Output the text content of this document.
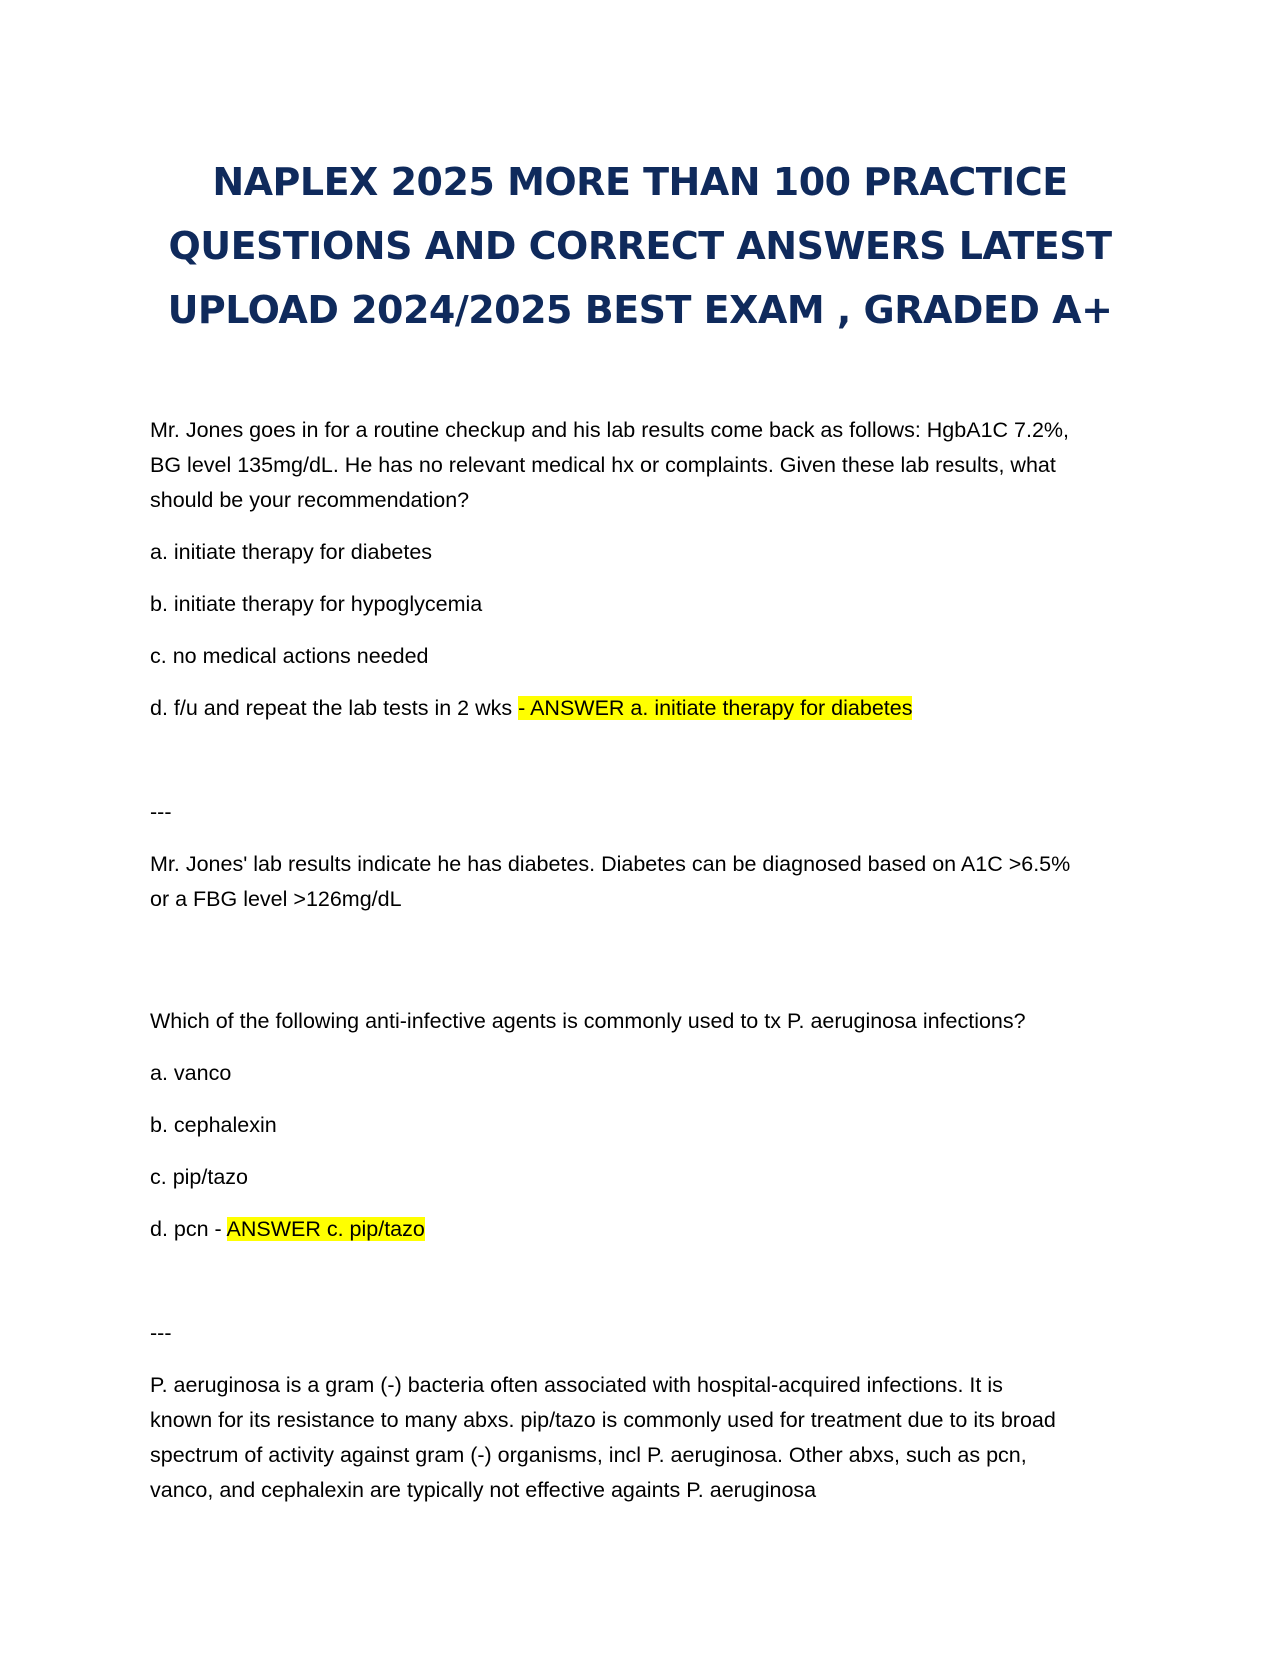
NAPLEX 2025 MORE THAN 100 PRACTICE
QUESTIONS AND CORRECT ANSWERS LATEST
UPLOAD 2024/2025 BEST EXAM , GRADED A+

Mr. Jones goes in for a routine checkup and his lab results come back as follows: HgbA1C 7.2%,
BG level 135mg/dL. He has no relevant medical hx or complaints. Given these lab results, what
should be your recommendation?

a. initiate therapy for diabetes

b. initiate therapy for hypoglycemia

c. no medical actions needed

d. f/u and repeat the lab tests in 2 wks - ANSWER a. initiate therapy for diabetes

---

Mr. Jones' lab results indicate he has diabetes. Diabetes can be diagnosed based on A1C >6.5%
or a FBG level >126mg/dL

Which of the following anti-infective agents is commonly used to tx P. aeruginosa infections?

a. vanco

b. cephalexin

c. pip/tazo

d. pcn - ANSWER c. pip/tazo

---

P. aeruginosa is a gram (-) bacteria often associated with hospital-acquired infections. It is
known for its resistance to many abxs. pip/tazo is commonly used for treatment due to its broad
spectrum of activity against gram (-) organisms, incl P. aeruginosa. Other abxs, such as pcn,
vanco, and cephalexin are typically not effective againts P. aeruginosa
